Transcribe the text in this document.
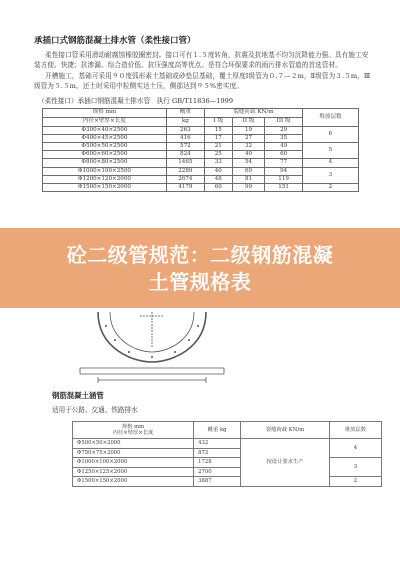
承插口式钢筋混凝土排水管（柔性接口管）

柔性接口管采用滑动耐腐蚀橡胶圈密封。接口可有１.５度转角，抗震及抗地基不均匀沉降能力强。具有施工安装方便、快捷；抗渗漏、综合造价低、抗压强度高等优点。是符合环保要求的雨污排水管道的首选管材。

开槽施工，基础可采用９０度弧形素土基础或砂垫层基础，覆土厚度Ⅰ级管为０.７—２m，Ⅱ级管为３.５m，Ⅲ级管为５.５m。还土时采用中粒侧实达土压，侧部达到９５%密实度。

（柔性接口）承插口钢筋混凝土排水管　执行 GB/T11836—1999
规格 mm	概重	裂缝荷载 KN/m			堆放层数
内径×壁厚×长度	kg	I 级	II 级	III 级	
Φ300×40×2500	263	15	19	29	6
Φ400×45×2500	416	17	27	35	
Φ500×50×2500	572	21	32	49	5
Φ600×60×2500	824	25	40	60	
Φ800×80×2500	1465	33	54	77	4
Φ1000×100×2500	2289	40	69	94	3
Φ1200×120×2000	2674	48	81	119	
Φ1500×150×2000	4179	60	99	151	2
砼二级管规范：二级钢筋混凝
土管规格表
钢筋混凝土涵管
适用于公路、交通、铁路排水
规格 mm
内径×壁厚×长度	概重 kg	裂缝荷载 KN/m	堆放层数
Φ500×50×2000	432	按设计要求生产	4
Φ750×75×2000	872		
Φ1000×100×2000	1728		3
Φ1250×125×2000	2700		
Φ1500×150×2000	3887		2
